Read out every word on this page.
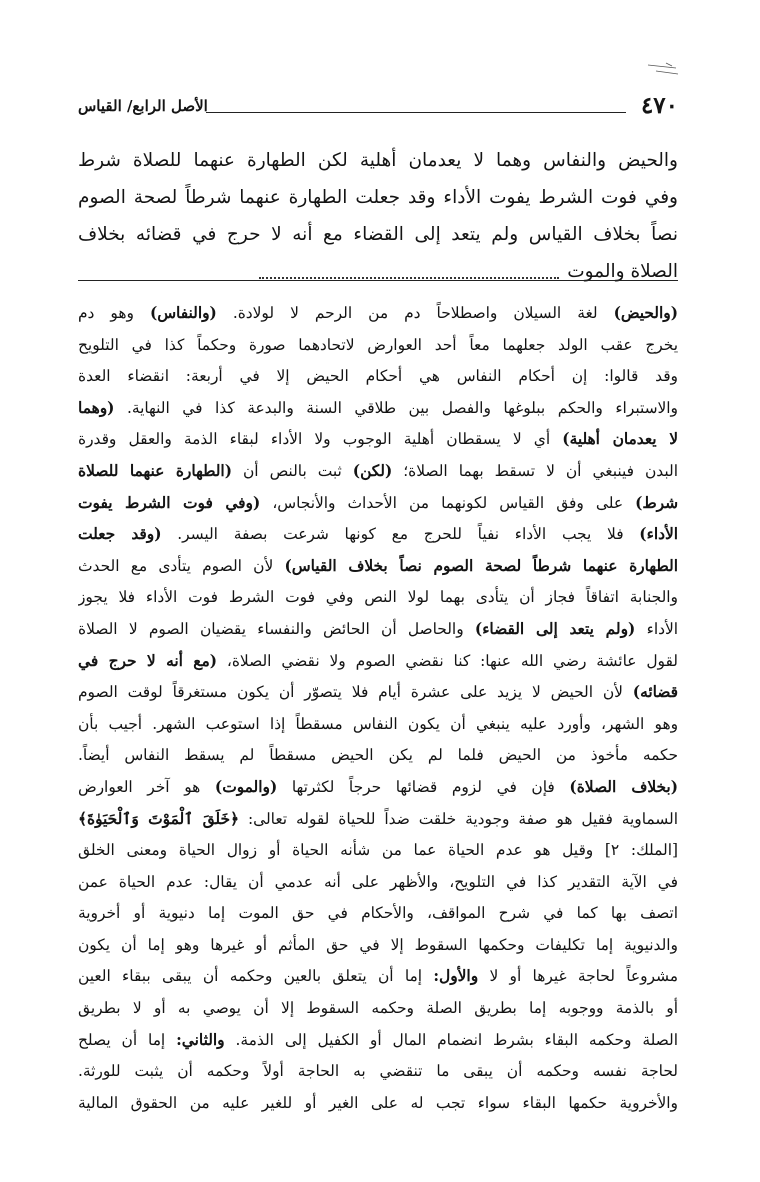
٤٧٠
الأصل الرابع/ القياس
والحيض والنفاس وهما لا يعدمان أهلية لكن الطهارة عنهما للصلاة شرط
وفي فوت الشرط يفوت الأداء وقد جعلت الطهارة عنهما شرطاً لصحة الصوم
نصاً بخلاف القياس ولم يتعد إلى القضاء مع أنه لا حرج في قضائه بخلاف
الصلاة والموت
(والحيض) لغة السيلان واصطلاحاً دم من الرحم لا لولادة. (والنفاس) وهو دم
يخرج عقب الولد جعلهما معاً أحد العوارض لاتحادهما صورة وحكماً كذا في التلويح
وقد قالوا: إن أحكام النفاس هي أحكام الحيض إلا في أربعة: انقضاء العدة
والاستبراء والحكم ببلوغها والفصل بين طلاقي السنة والبدعة كذا في النهاية. (وهما
لا يعدمان أهلية) أي لا يسقطان أهلية الوجوب ولا الأداء لبقاء الذمة والعقل وقدرة
البدن فينبغي أن لا تسقط بهما الصلاة؛ (لكن) ثبت بالنص أن (الطهارة عنهما للصلاة
شرط) على وفق القياس لكونهما من الأحداث والأنجاس، (وفي فوت الشرط يفوت
الأداء) فلا يجب الأداء نفياً للحرج مع كونها شرعت بصفة اليسر. (وقد جعلت
الطهارة عنهما شرطاً لصحة الصوم نصاً بخلاف القياس) لأن الصوم يتأدى مع الحدث
والجنابة اتفاقاً فجاز أن يتأدى بهما لولا النص وفي فوت الشرط فوت الأداء فلا يجوز
الأداء (ولم يتعد إلى القضاء) والحاصل أن الحائض والنفساء يقضيان الصوم لا الصلاة
لقول عائشة رضي الله عنها: كنا نقضي الصوم ولا نقضي الصلاة، (مع أنه لا حرج في
قضائه) لأن الحيض لا يزيد على عشرة أيام فلا يتصوّر أن يكون مستغرقاً لوقت الصوم
وهو الشهر، وأورد عليه ينبغي أن يكون النفاس مسقطاً إذا استوعب الشهر. أجيب بأن
حكمه مأخوذ من الحيض فلما لم يكن الحيض مسقطاً لم يسقط النفاس أيضاً.
(بخلاف الصلاة) فإن في لزوم قضائها حرجاً لكثرتها (والموت) هو آخر العوارض
السماوية فقيل هو صفة وجودية خلقت ضداً للحياة لقوله تعالى: ﴿خَلَقَ ٱلْمَوْتَ وَٱلْحَيَوٰةَ﴾
[الملك: ٢] وقيل هو عدم الحياة عما من شأنه الحياة أو زوال الحياة ومعنى الخلق
في الآية التقدير كذا في التلويح، والأظهر على أنه عدمي أن يقال: عدم الحياة عمن
اتصف بها كما في شرح المواقف، والأحكام في حق الموت إما دنيوية أو أخروية
والدنيوية إما تكليفات وحكمها السقوط إلا في حق المأثم أو غيرها وهو إما أن يكون
مشروعاً لحاجة غيرها أو لا والأول: إما أن يتعلق بالعين وحكمه أن يبقى ببقاء العين
أو بالذمة ووجوبه إما بطريق الصلة وحكمه السقوط إلا أن يوصي به أو لا بطريق
الصلة وحكمه البقاء بشرط انضمام المال أو الكفيل إلى الذمة. والثاني: إما أن يصلح
لحاجة نفسه وحكمه أن يبقى ما تنقضي به الحاجة أولاً وحكمه أن يثبت للورثة.
والأخروية حكمها البقاء سواء تجب له على الغير أو للغير عليه من الحقوق المالية
